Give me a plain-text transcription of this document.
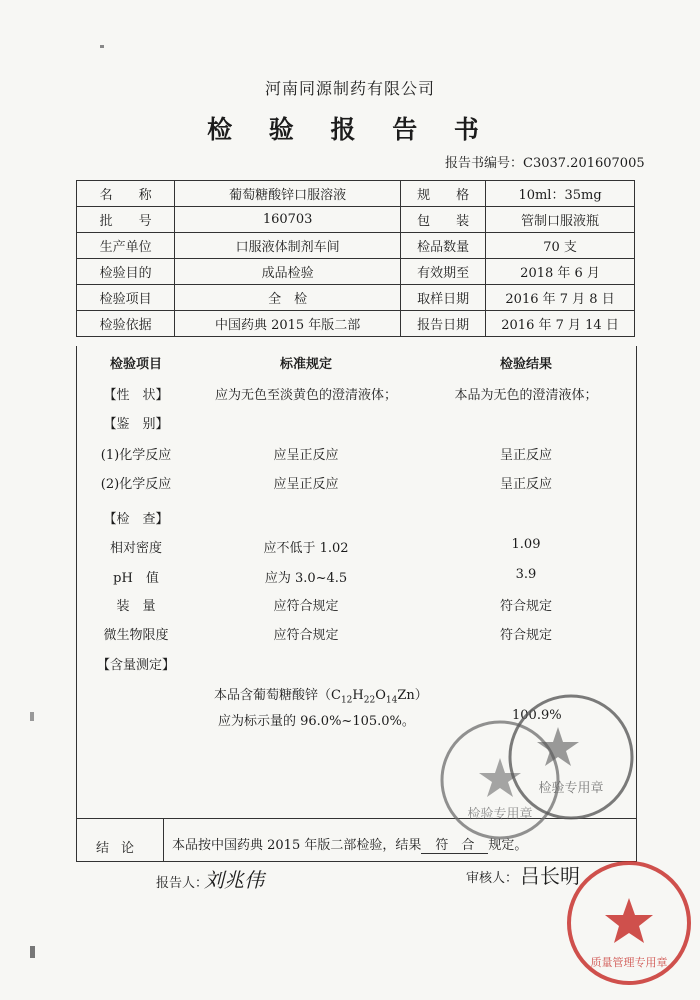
河南同源制药有限公司
检 验 报 告 书
报告书编号：C3037.201607005
名　　称	葡萄糖酸锌口服溶液	规　　格	10ml：35mg
批　　号	160703	包　　装	管制口服液瓶
生产单位	口服液体制剂车间	检品数量	70 支
检验目的	成品检验	有效期至	2018 年 6 月
检验项目	全　检	取样日期	2016 年 7 月 8 日
检验依据	中国药典 2015 年版二部	报告日期	2016 年 7 月 14 日
检验项目	标准规定	检验结果
【性　状】	应为无色至淡黄色的澄清液体；	本品为无色的澄清液体；
【鉴　别】
(1)化学反应	应呈正反应	呈正反应
(2)化学反应	应呈正反应	呈正反应
【检　查】
相对密度	应不低于 1.02	1.09
pH　值	应为 3.0~4.5	3.9
装　量	应符合规定	符合规定
微生物限度	应符合规定	符合规定
【含量测定】
本品含葡萄糖酸锌$(C_{12}H_{22}O_{14}Zn)$
应为标示量的 96.0%~105.0%。	100.9%
结论 本品按中国药典 2015 年版二部检验，结果 符　合 规定。
报告人：
刘兆伟	审核人： 吕长明
检验专用章
检验专用章
质量管理专用章
